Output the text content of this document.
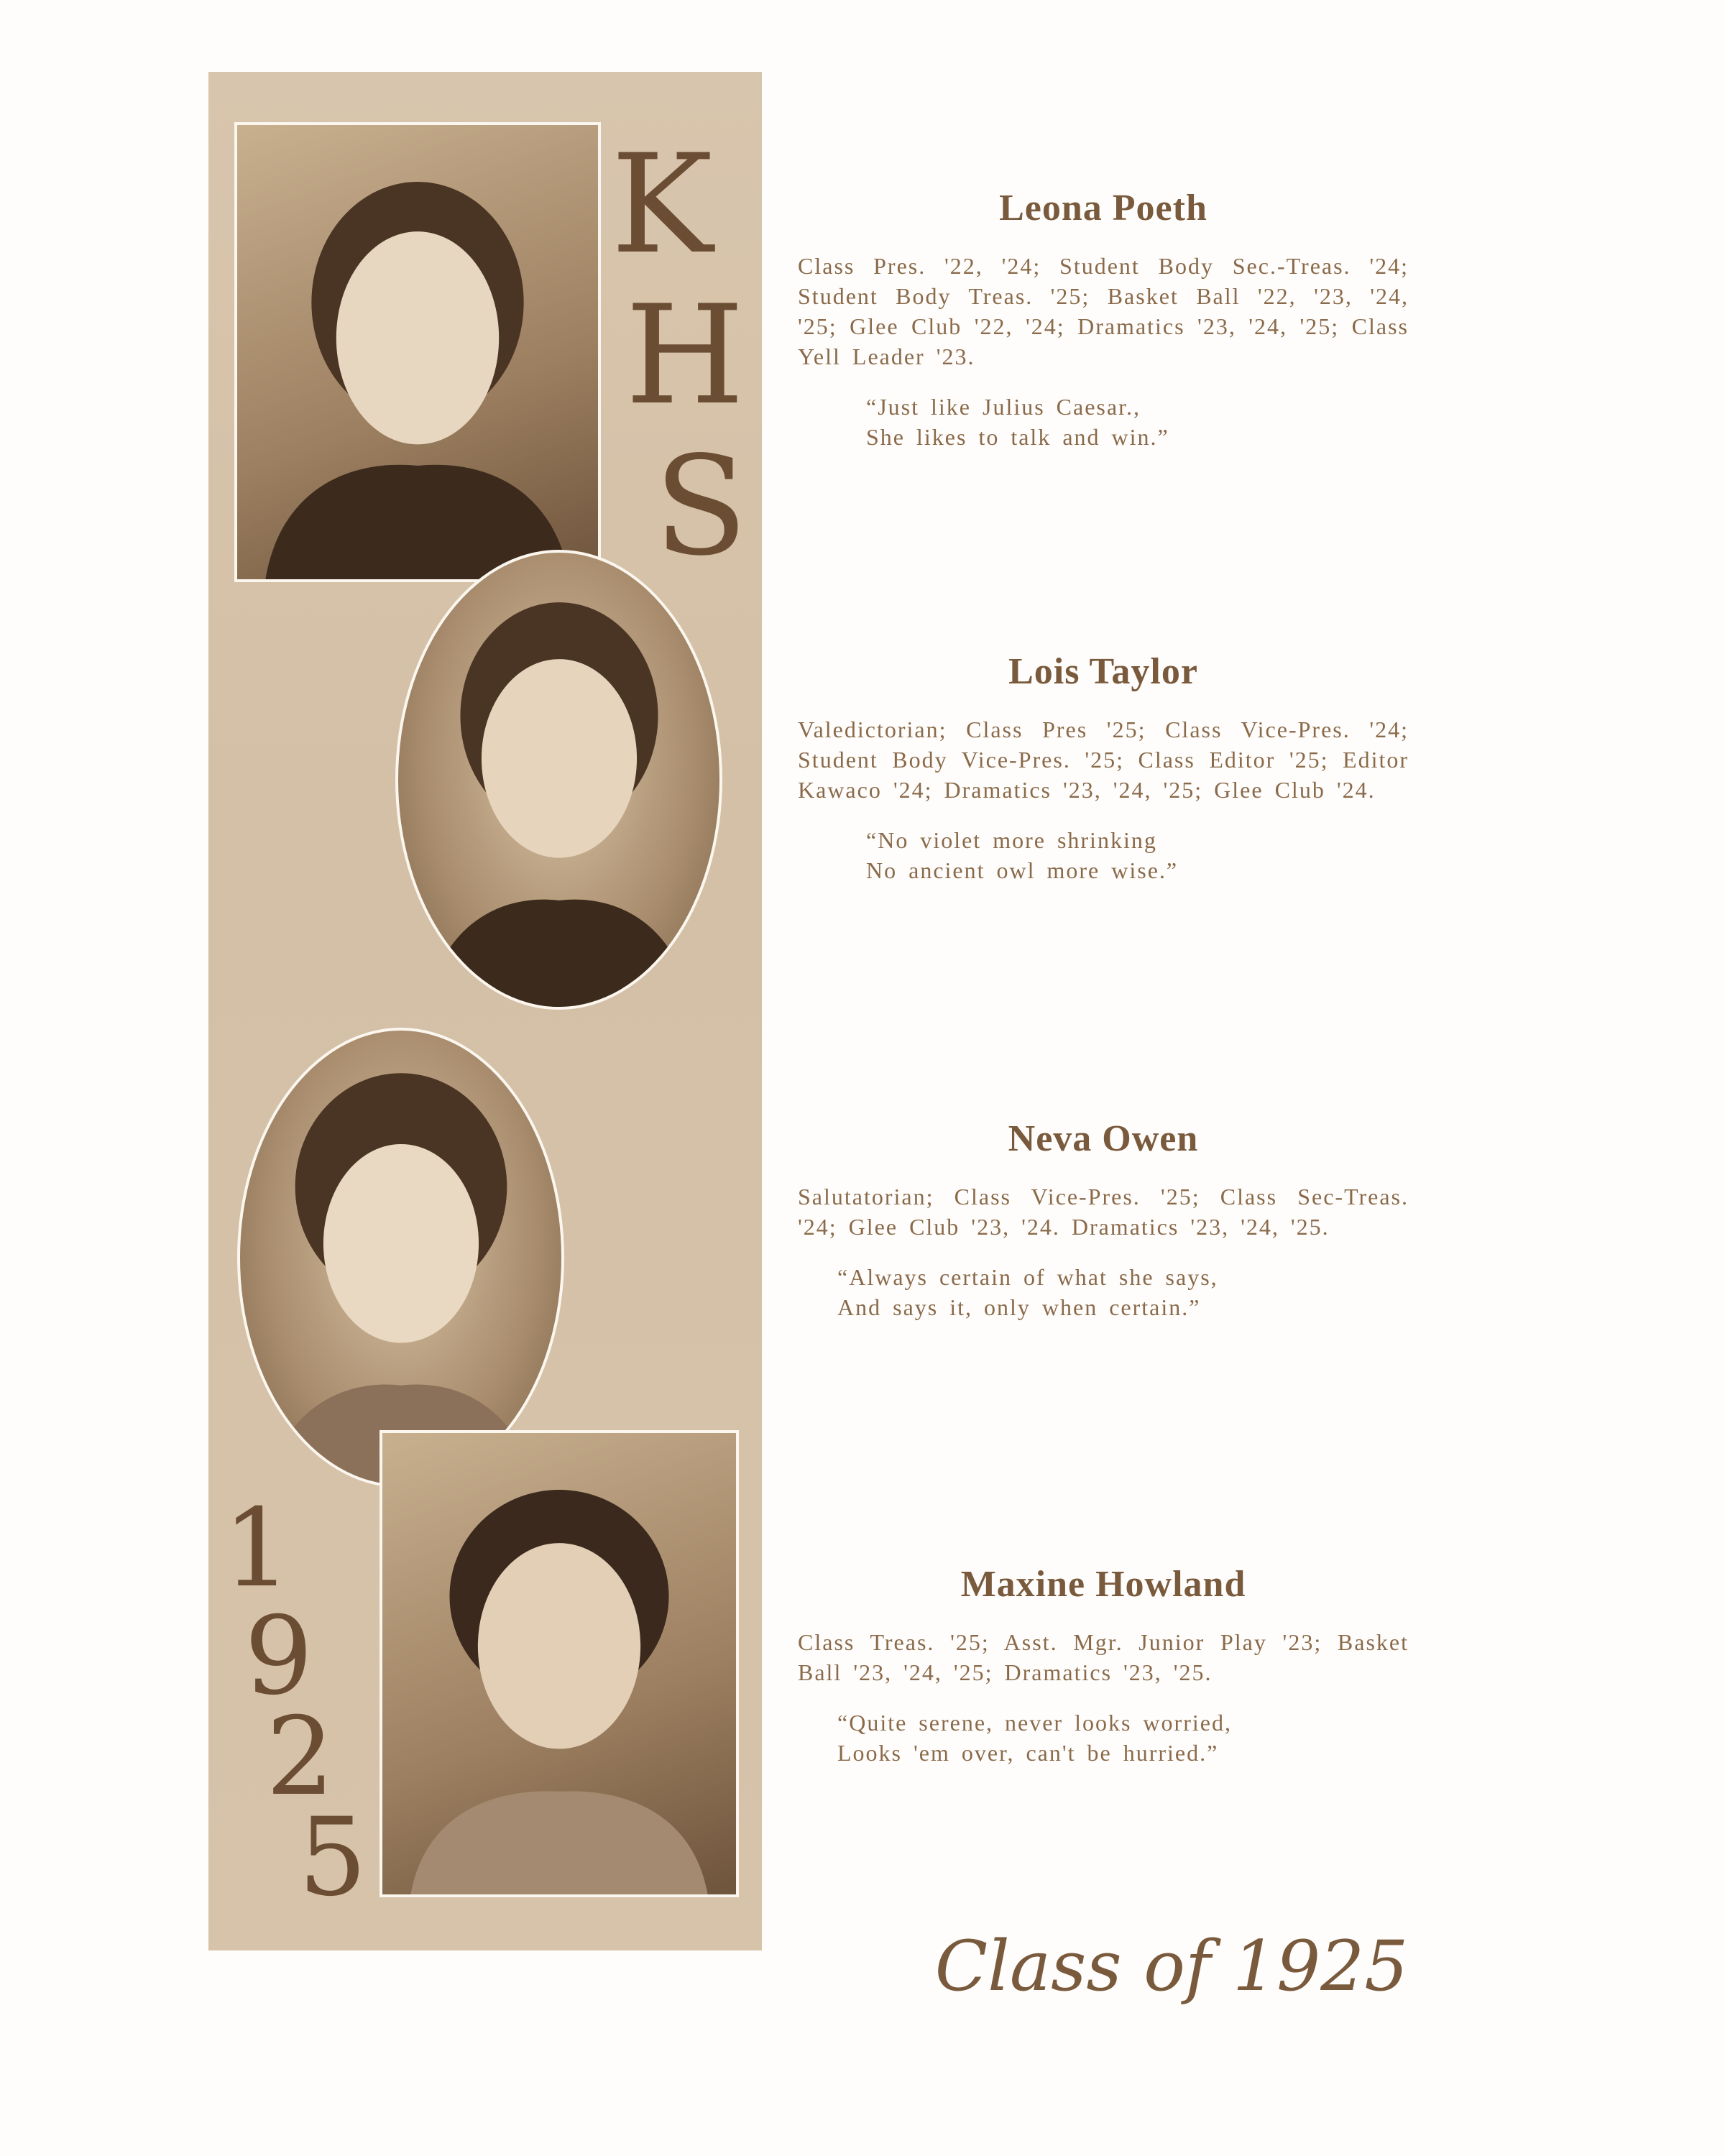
K
H
S
1
9
2
5
Leona Poeth

Class Pres. '22, '24; Student Body Sec.-Treas. '24; Student Body Treas. '25; Basket Ball '22, '23, '24, '25; Glee Club '22, '24; Dramatics '23, '24, '25; Class Yell Leader '23.

“Just like Julius Caesar.,
She likes to talk and win.”
Lois Taylor

Valedictorian; Class Pres '25; Class Vice-Pres. '24; Student Body Vice-Pres. '25; Class Editor '25; Editor Kawaco '24; Dramatics '23, '24, '25; Glee Club '24.

“No violet more shrinking
No ancient owl more wise.”
Neva Owen

Salutatorian; Class Vice-Pres. '25; Class Sec-Treas. '24; Glee Club '23, '24. Dramatics '23, '24, '25.

“Always certain of what she says,
And says it, only when certain.”
Maxine Howland

Class Treas. '25; Asst. Mgr. Junior Play '23; Basket Ball '23, '24, '25; Dramatics '23, '25.

“Quite serene, never looks worried,
Looks 'em over, can't be hurried.”
Class of 1925
